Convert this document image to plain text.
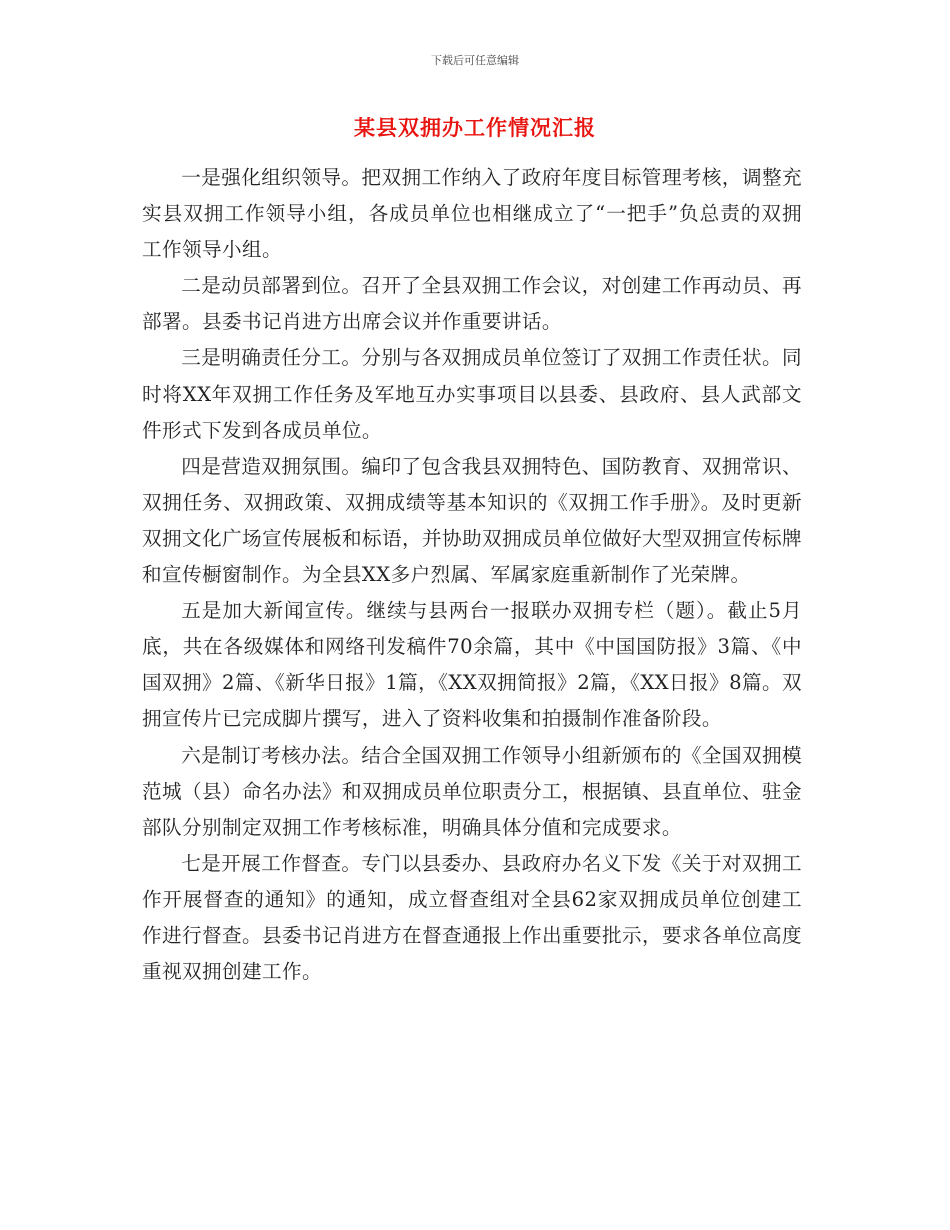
下载后可任意编辑
某县双拥办工作情况汇报

一是强化组织领导。把双拥工作纳入了政府年度目标管理考核，调整充实县双拥工作领导小组，各成员单位也相继成立了“一把手”负总责的双拥工作领导小组。

二是动员部署到位。召开了全县双拥工作会议，对创建工作再动员、再部署。县委书记肖进方出席会议并作重要讲话。

三是明确责任分工。分别与各双拥成员单位签订了双拥工作责任状。同时将XX年双拥工作任务及军地互办实事项目以县委、县政府、县人武部文件形式下发到各成员单位。

四是营造双拥氛围。编印了包含我县双拥特色、国防教育、双拥常识、双拥任务、双拥政策、双拥成绩等基本知识的《双拥工作手册》。及时更新双拥文化广场宣传展板和标语，并协助双拥成员单位做好大型双拥宣传标牌和宣传橱窗制作。为全县XX多户烈属、军属家庭重新制作了光荣牌。

五是加大新闻宣传。继续与县两台一报联办双拥专栏（题）。截止5月底，共在各级媒体和网络刊发稿件70余篇，其中《中国国防报》3篇、《中国双拥》2篇、《新华日报》1篇，《XX双拥简报》2篇，《XX日报》8篇。双拥宣传片已完成脚片撰写，进入了资料收集和拍摄制作准备阶段。

六是制订考核办法。结合全国双拥工作领导小组新颁布的《全国双拥模范城（县）命名办法》和双拥成员单位职责分工，根据镇、县直单位、驻金部队分别制定双拥工作考核标准，明确具体分值和完成要求。

七是开展工作督查。专门以县委办、县政府办名义下发《关于对双拥工作开展督查的通知》的通知，成立督查组对全县62家双拥成员单位创建工作进行督查。县委书记肖进方在督查通报上作出重要批示，要求各单位高度重视双拥创建工作。
